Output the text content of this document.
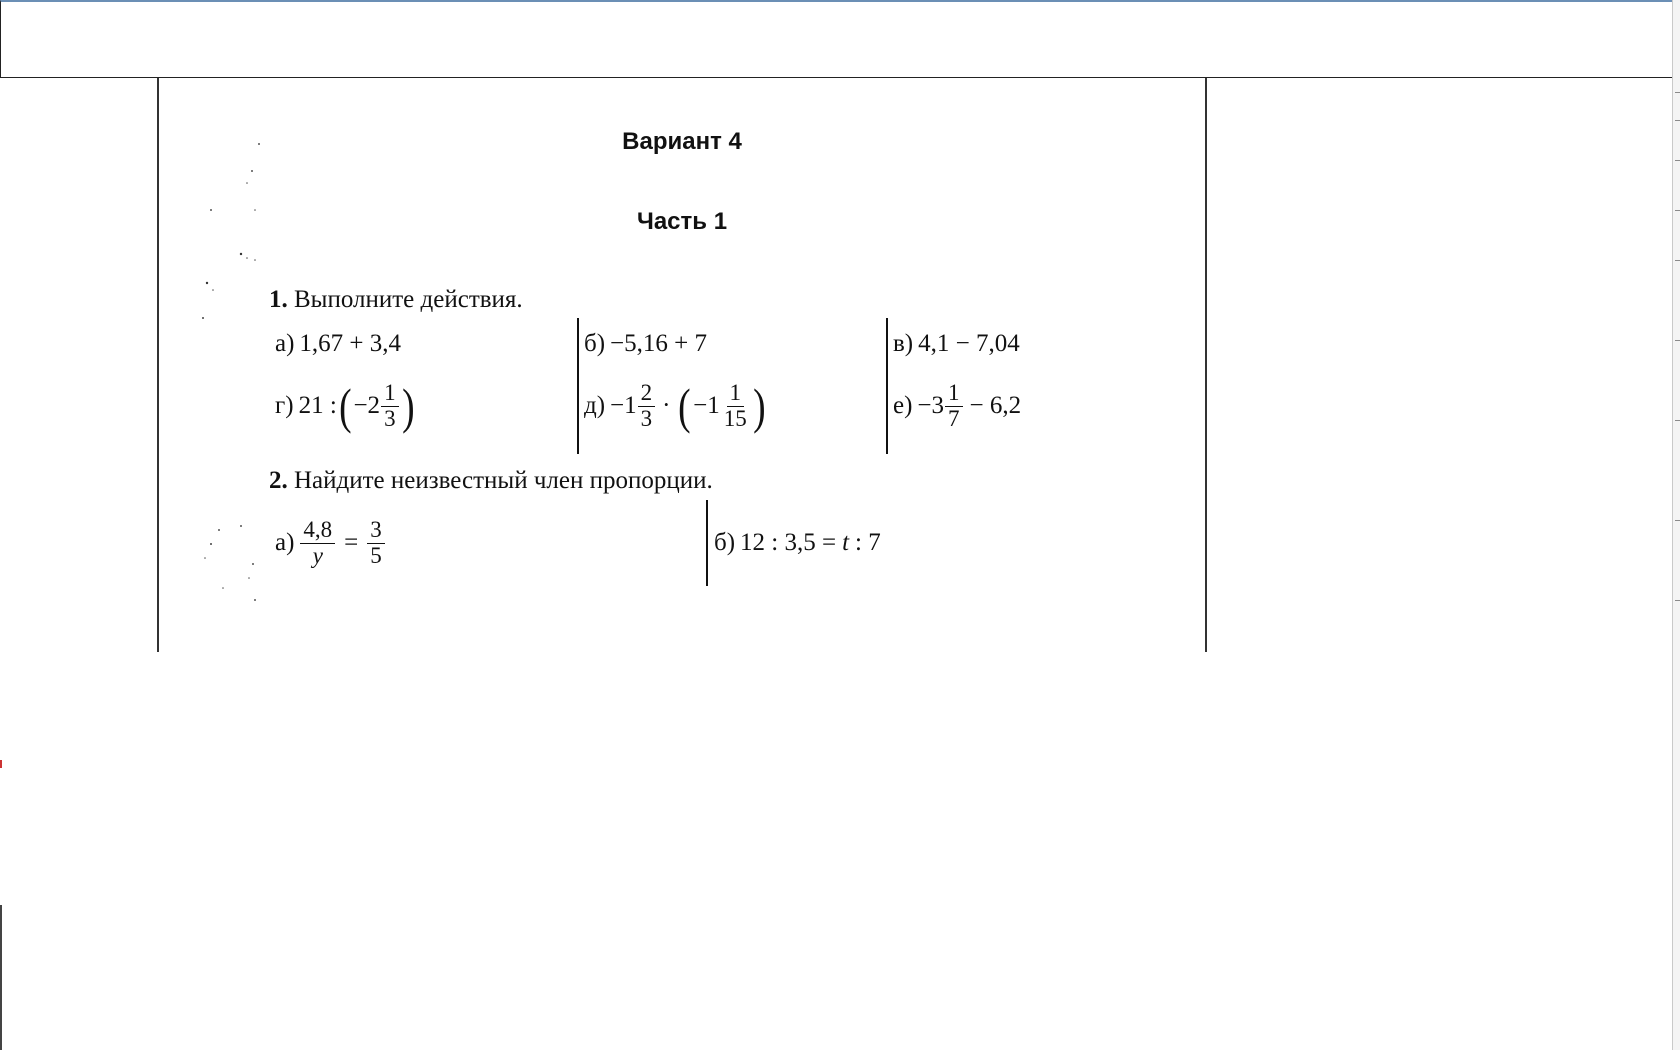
Вариант 4
Часть 1
1. Выполните действия.
а) 1,67 + 3,4	б) −5,16 + 7	в) 4,1 − 7,04
г) 21 : ( $-2 \frac{1}{3}$ )	$д) -1 \frac{2}{3}$ · ( $-1 \frac{1}{15}$ )	$е) -3 \frac{1}{7} - 6,2$
2. Найдите неизвестный член пропорции.
$а) \frac{4,8}{y} = \frac{3}{5}$	б) 12 : 3,5 = t : 7
